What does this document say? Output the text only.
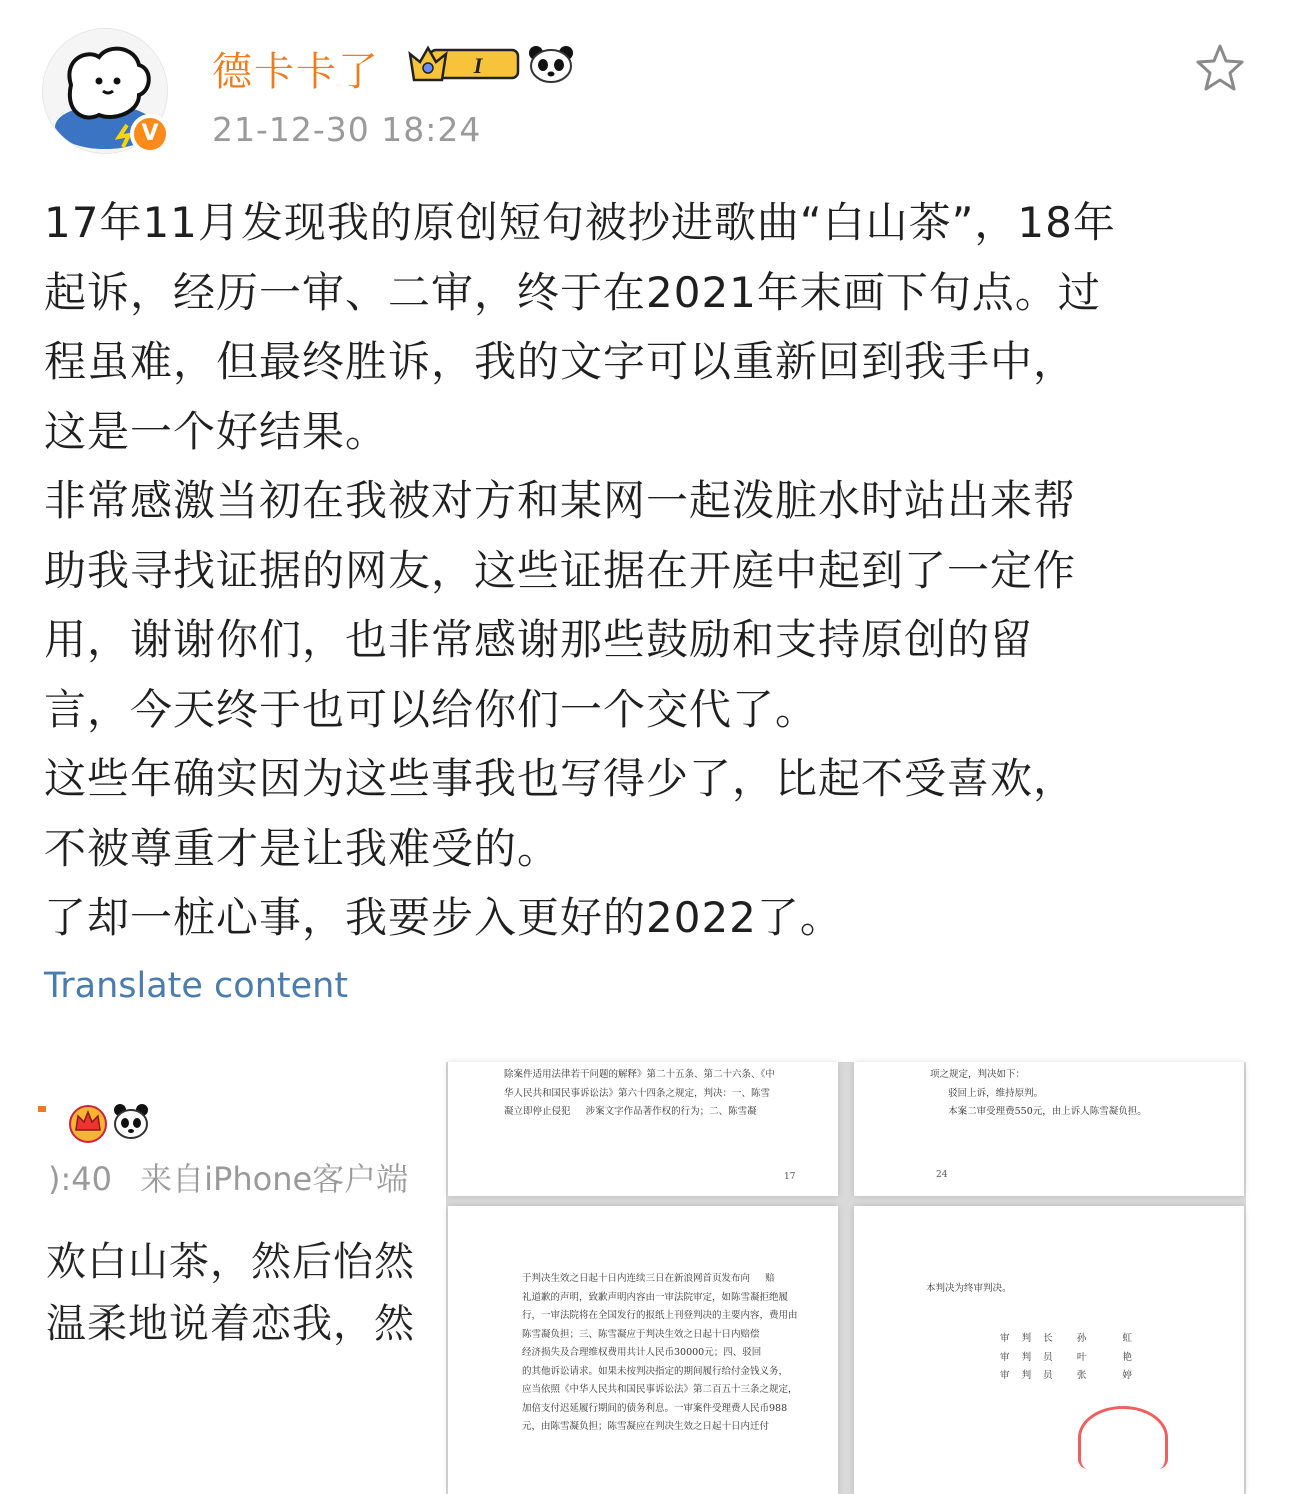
V
德卡卡了	I
21-12-30 18:24

17年11月发现我的原创短句被抄进歌曲“白山茶”，18年

起诉，经历一审、二审，终于在2021年末画下句点。过

程虽难，但最终胜诉，我的文字可以重新回到我手中，

这是一个好结果。

非常感激当初在我被对方和某网一起泼脏水时站出来帮

助我寻找证据的网友，这些证据在开庭中起到了一定作

用，谢谢你们，也非常感谢那些鼓励和支持原创的留

言，今天终于也可以给你们一个交代了。

这些年确实因为这些事我也写得少了，比起不受喜欢，

不被尊重才是让我难受的。

了却一桩心事，我要步入更好的2022了。

Translate content
):40 来自iPhone客户端
欢白山茶，然后怡然
温柔地说着恋我，然
除案件适用法律若干问题的解释》第二十五条、第二十六条、《中
华人民共和国民事诉讼法》第六十四条之规定，判决：一、陈雪
凝立即停止侵犯     涉案文字作品著作权的行为；二、陈雪凝
17
项之规定，判决如下：
驳回上诉，维持原判。
本案二审受理费550元，由上诉人陈雪凝负担。
24
于判决生效之日起十日内连续三日在新浪网首页发布向     赔
礼道歉的声明，致歉声明内容由一审法院审定，如陈雪凝拒绝履
行，一审法院将在全国发行的报纸上刊登判决的主要内容，费用由
陈雪凝负担；三、陈雪凝应于判决生效之日起十日内赔偿
经济损失及合理维权费用共计人民币30000元；四、驳回
的其他诉讼请求。如果未按判决指定的期间履行给付金钱义务，
应当依照《中华人民共和国民事诉讼法》第二百五十三条之规定，
加倍支付迟延履行期间的债务利息。一审案件受理费人民币988
元，由陈雪凝负担；陈雪凝应在判决生效之日起十日内迁付
本判决为终审判决。
审    判    长        孙            虹
审    判    员        叶            艳
审    判    员        张            婷
